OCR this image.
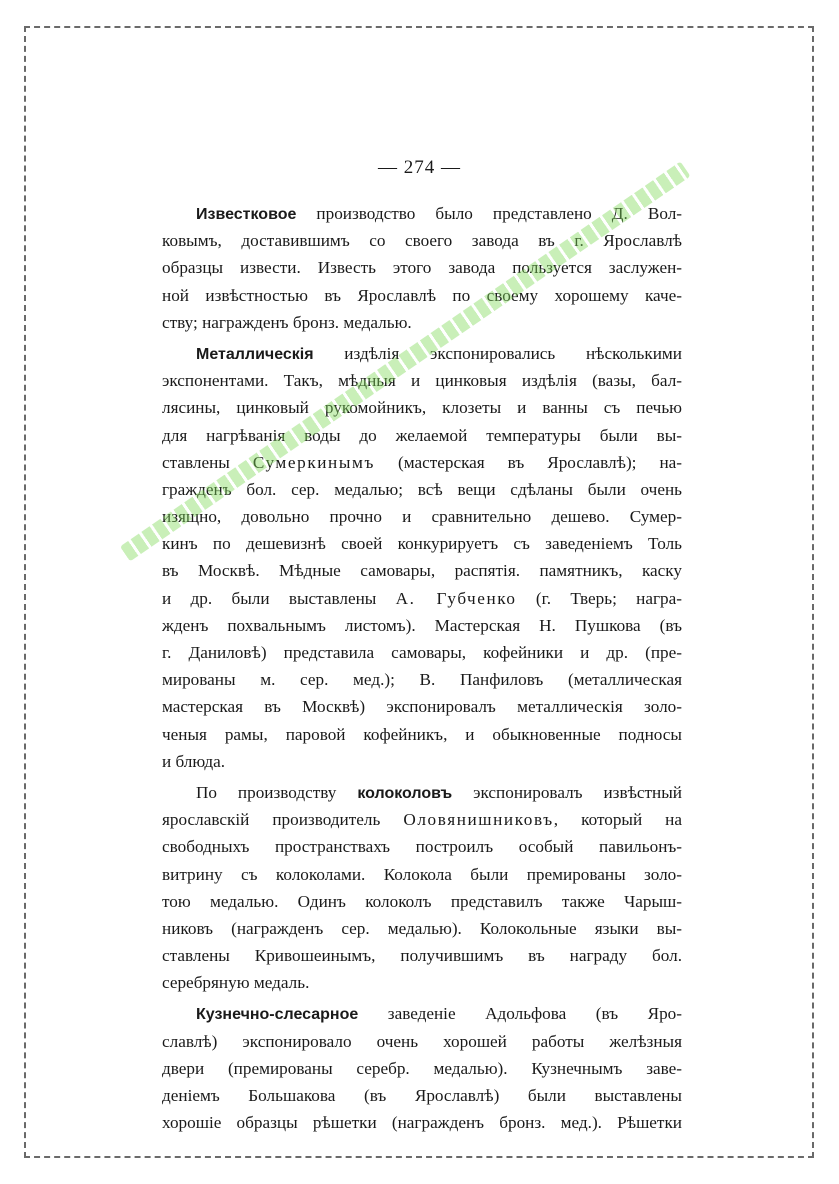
— 274 —
Известковое производство было представлено Д. Вол-
ковымъ, доставившимъ со своего завода въ г. Ярославлѣ
образцы извести. Известь этого завода пользуется заслужен-
ной извѣстностью въ Ярославлѣ по своему хорошему каче-
ству; награжденъ бронз. медалью.
Металлическія издѣлія экспонировались нѣсколькими
экспонентами. Такъ, мѣдныя и цинковыя издѣлія (вазы, бал-
лясины, цинковый рукомойникъ, клозеты и ванны съ печью
для нагрѣванія воды до желаемой температуры были вы-
ставлены Сумеркинымъ (мастерская въ Ярославлѣ); на-
гражденъ бол. сер. медалью; всѣ вещи сдѣланы были очень
изящно, довольно прочно и сравнительно дешево. Сумер-
кинъ по дешевизнѣ своей конкурируетъ съ заведеніемъ Толь
въ Москвѣ. Мѣдные самовары, распятія. памятникъ, каску
и др. были выставлены А. Губченко (г. Тверь; награ-
жденъ похвальнымъ листомъ). Мастерская Н. Пушкова (въ
г. Даниловѣ) представила самовары, кофейники и др. (пре-
мированы м. сер. мед.); В. Панфиловъ (металлическая
мастерская въ Москвѣ) экспонировалъ металлическія золо-
ченыя рамы, паровой кофейникъ, и обыкновенные подносы
и блюда.
По производству колоколовъ экспонировалъ извѣстный
ярославскій производитель Оловянишниковъ, который на
свободныхъ пространствахъ построилъ особый павильонъ-
витрину съ колоколами. Колокола были премированы золо-
тою медалью. Одинъ колоколъ представилъ также Чарыш-
никовъ (награжденъ сер. медалью). Колокольные языки вы-
ставлены Кривошеинымъ, получившимъ въ награду бол.
серебряную медаль.
Кузнечно-слесарное заведеніе Адольфова (въ Яро-
славлѣ) экспонировало очень хорошей работы желѣзныя
двери (премированы серебр. медалью). Кузнечнымъ заве-
деніемъ Большакова (въ Ярославлѣ) были выставлены
хорошіе образцы рѣшетки (награжденъ бронз. мед.). Рѣшетки
